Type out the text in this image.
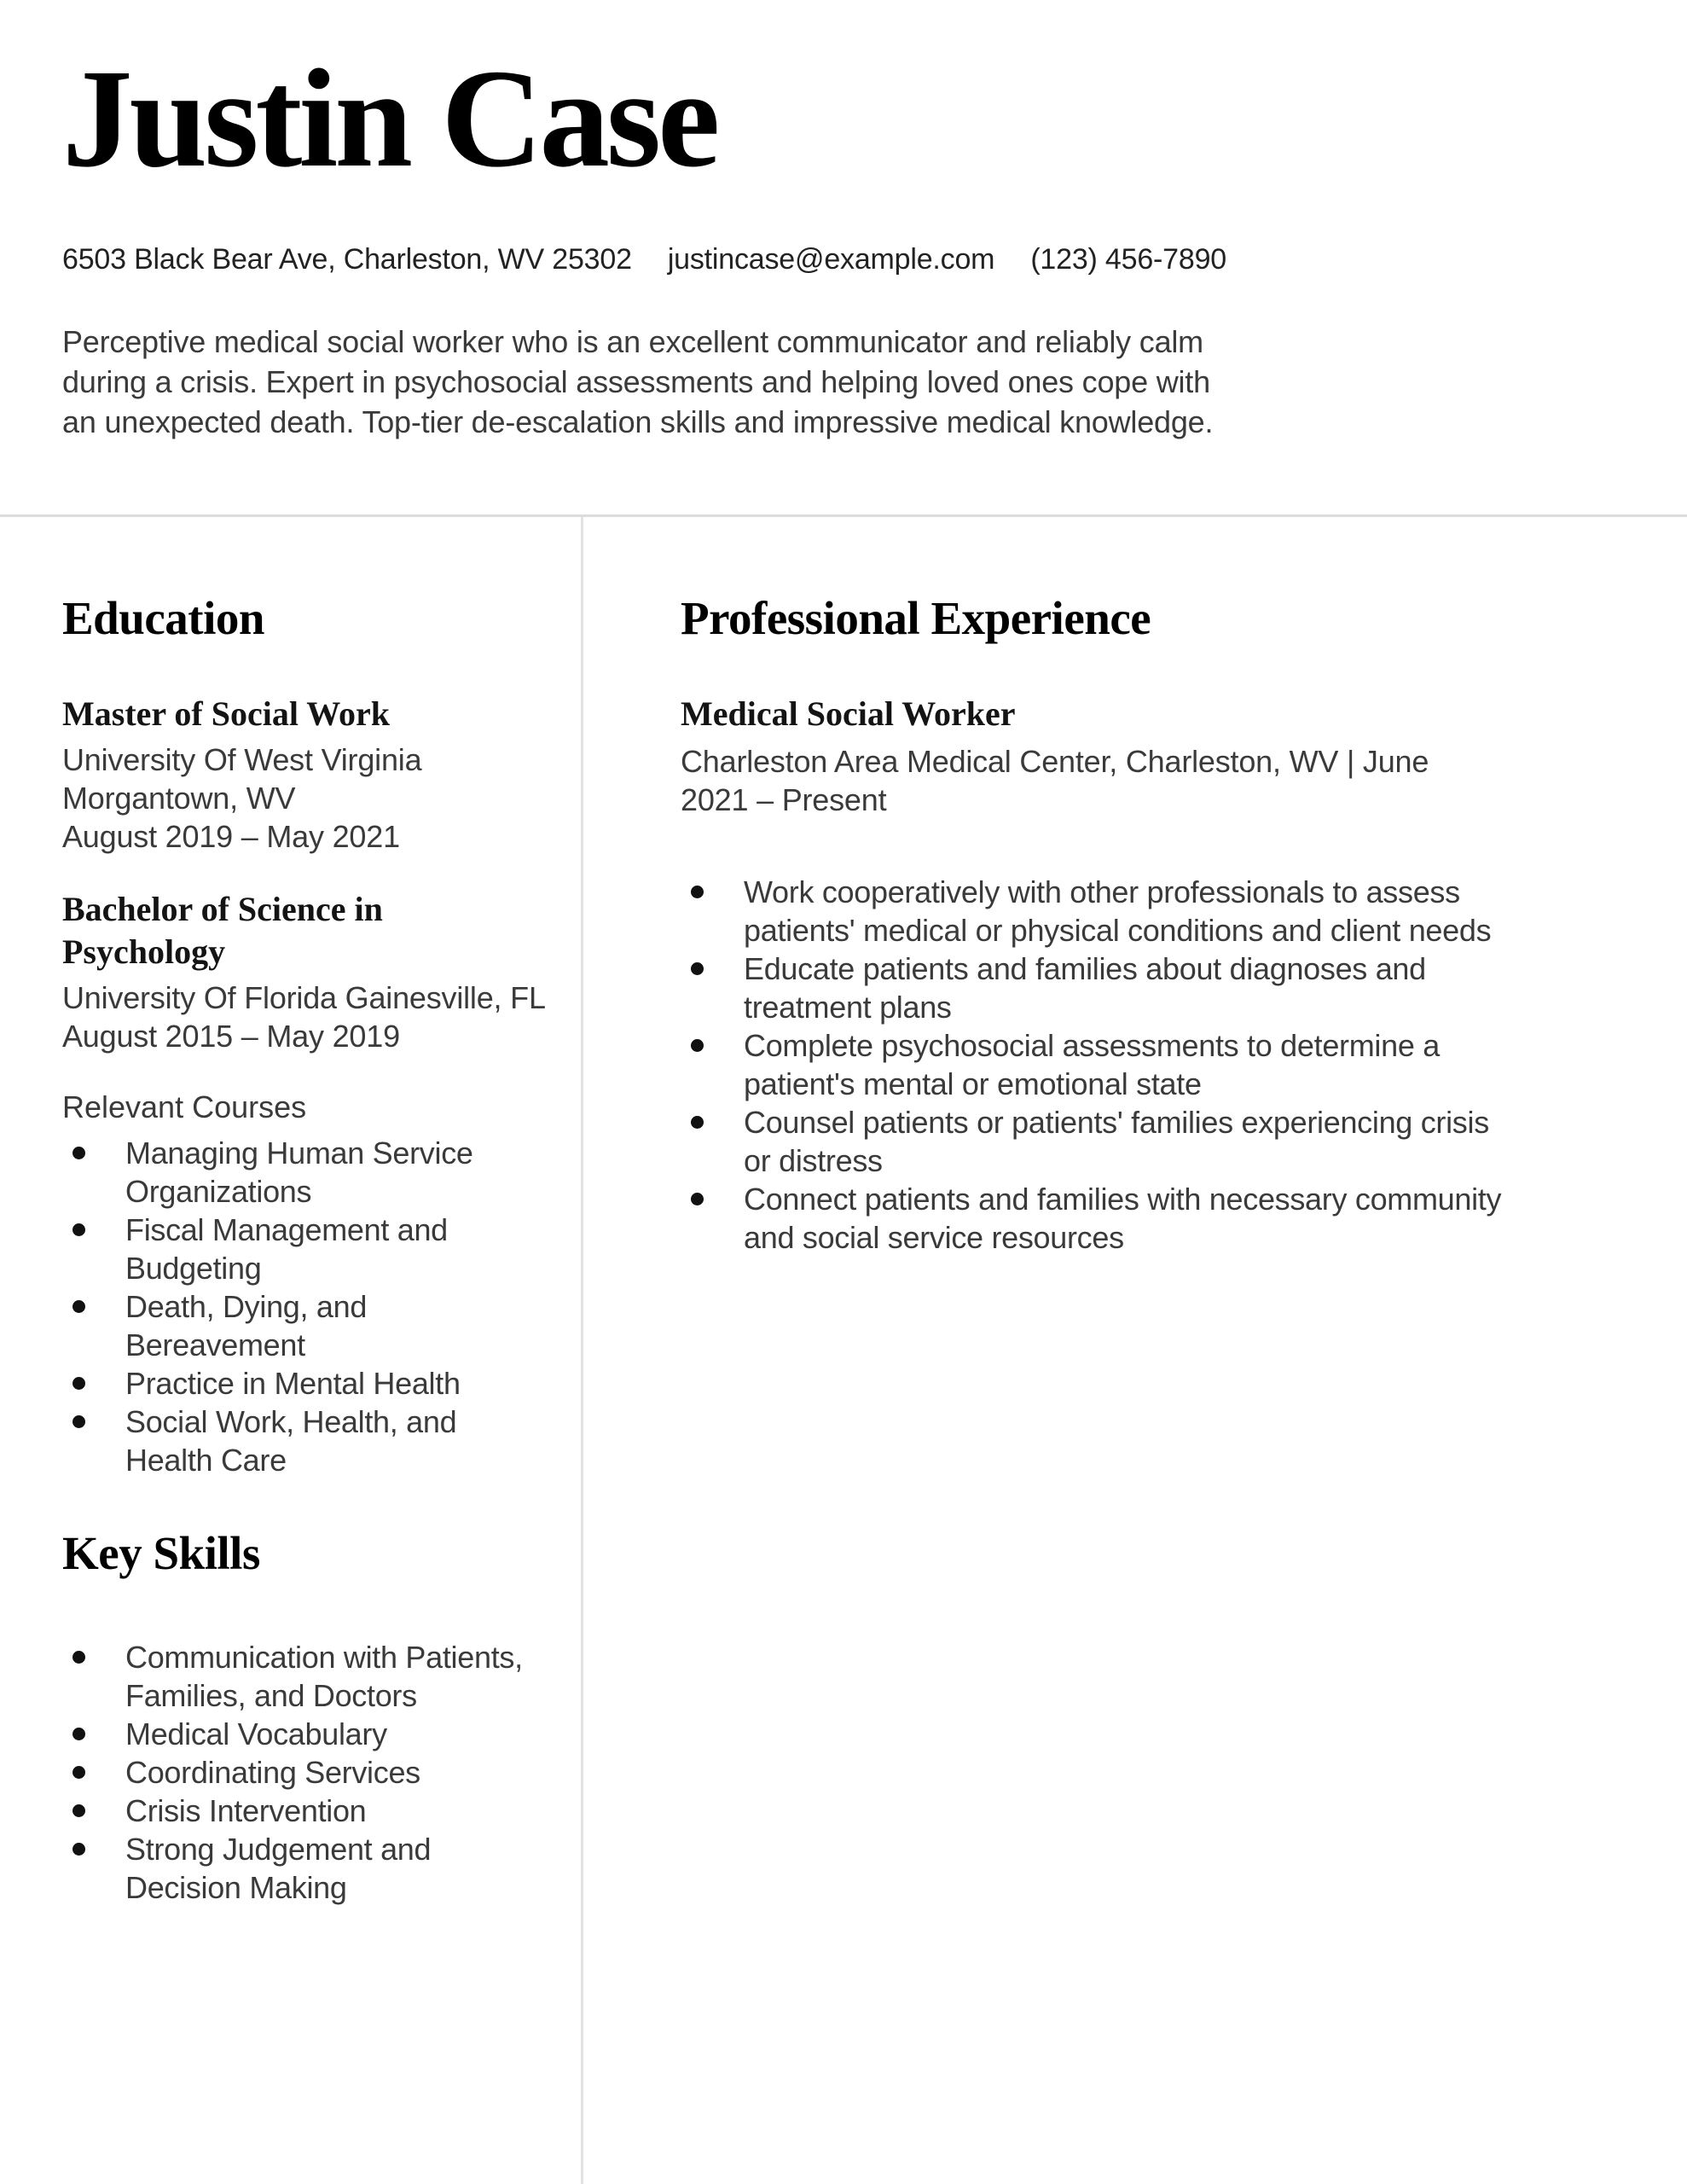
Justin Case
6503 Black Bear Ave, Charleston, WV 25302 justincase@example.com (123) 456-7890
Perceptive medical social worker who is an excellent communicator and reliably calm during a crisis. Expert in psychosocial assessments and helping loved ones cope with an unexpected death. Top-tier de-escalation skills and impressive medical knowledge.
Education
Master of Social Work
University Of West Virginia
Morgantown, WV
August 2019 – May 2021
Bachelor of Science in Psychology
University Of Florida Gainesville, FL
August 2015 – May 2019
Relevant Courses
Managing Human Service Organizations
Fiscal Management and Budgeting
Death, Dying, and Bereavement
Practice in Mental Health
Social Work, Health, and Health Care
Key Skills
Communication with Patients, Families, and Doctors
Medical Vocabulary
Coordinating Services
Crisis Intervention
Strong Judgement and Decision Making
Professional Experience
Medical Social Worker
Charleston Area Medical Center, Charleston, WV | June 2021 – Present
Work cooperatively with other professionals to assess patients' medical or physical conditions and client needs
Educate patients and families about diagnoses and treatment plans
Complete psychosocial assessments to determine a patient's mental or emotional state
Counsel patients or patients' families experiencing crisis or distress
Connect patients and families with necessary community and social service resources
